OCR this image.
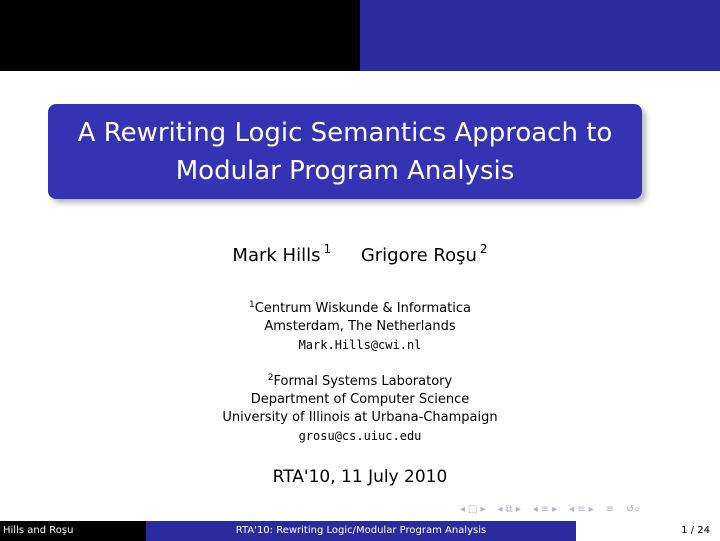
A Rewriting Logic Semantics Approach to Modular Program Analysis
Mark Hills $^1$ Grigore Roşu $^2$
$^1$Centrum Wiskunde & Informatica
Amsterdam, The Netherlands
Mark.Hills@cwi.nl
$^2$Formal Systems Laboratory
Department of Computer Science
University of Illinois at Urbana-Champaign
grosu@cs.uiuc.edu
RTA'10, 11 July 2010
◂ □ ▸ ◂ ⧉ ▸ ◂ ≡ ▸ ◂ ≡ ▸ ≡ ↺⌕
Hills and Roşu	RTA'10: Rewriting Logic/Modular Program Analysis	1 / 24
